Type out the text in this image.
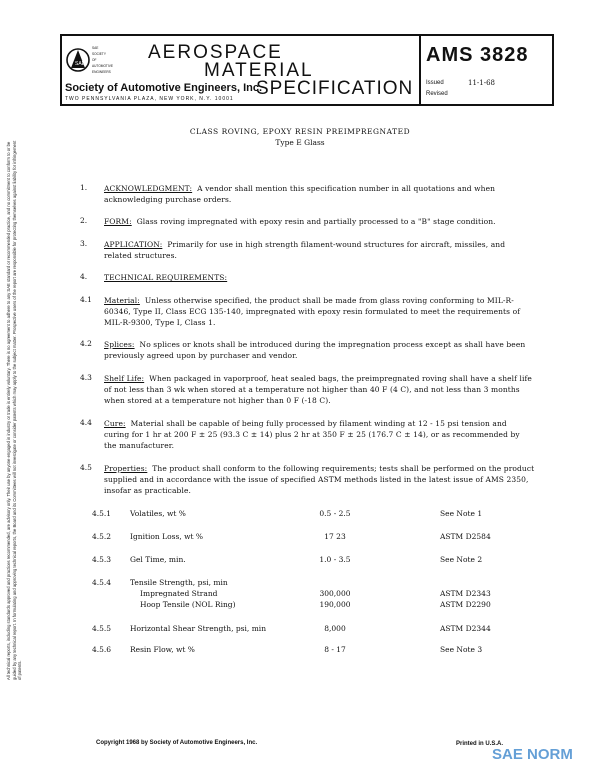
SAE
SAE
SOCIETY
OF
AUTOMOTIVE
ENGINEERS
AEROSPACE
MATERIAL
SPECIFICATION
Society of Automotive Engineers, Inc.
TWO PENNSYLVANIA PLAZA, NEW YORK, N.Y. 10001
AMS 3828
Issued	11-1-68
Revised
CLASS ROVING, EPOXY RESIN PREIMPREGNATED
Type E Glass
1. ACKNOWLEDGMENT: A vendor shall mention this specification number in all quotations and when acknowledging purchase orders.
2. FORM: Glass roving impregnated with epoxy resin and partially processed to a "B" stage condition.
3. APPLICATION: Primarily for use in high strength filament-wound structures for aircraft, missiles, and related structures.
4. TECHNICAL REQUIREMENTS:
4.1 Material: Unless otherwise specified, the product shall be made from glass roving conforming to MIL-R-60346, Type II, Class ECG 135-140, impregnated with epoxy resin formulated to meet the requirements of MIL-R-9300, Type I, Class 1.
4.2 Splices: No splices or knots shall be introduced during the impregnation process except as shall have been previously agreed upon by purchaser and vendor.
4.3 Shelf Life: When packaged in vaporproof, heat sealed bags, the preimpregnated roving shall have a shelf life of not less than 3 wk when stored at a temperature not higher than 40 F (4 C), and not less than 3 months when stored at a temperature not higher than 0 F (-18 C).
4.4 Cure: Material shall be capable of being fully processed by filament winding at 12 - 15 psi tension and curing for 1 hr at 200 F ± 25 (93.3 C ± 14) plus 2 hr at 350 F ± 25 (176.7 C ± 14), or as recommended by the manufacturer.
4.5 Properties: The product shall conform to the following requirements; tests shall be performed on the product supplied and in accordance with the issue of specified ASTM methods listed in the latest issue of AMS 2350, insofar as practicable.
4.5.1	Volatiles, wt %	0.5 - 2.5	See Note 1
4.5.2	Ignition Loss, wt %	17 23	ASTM D2584
4.5.3	Gel Time, min.	1.0 - 3.5	See Note 2
4.5.4	Tensile Strength, psi, min
Impregnated Strand	300,000	ASTM D2343
Hoop Tensile (NOL Ring)	190,000	ASTM D2290
4.5.5	Horizontal Shear Strength, psi, min	8,000	ASTM D2344
4.5.6	Resin Flow, wt %	8 - 17	See Note 3
All technical reports, including standards approved and practices recommended, are advisory only. Their use by anyone engaged in industry or trade is entirely voluntary. There is no agreement to adhere to any SAE standard or recommended practice, and no commitment to conform to or be guided by any technical report. In formulating and approving technical reports, the Board and its Committees will not investigate or consider patents which may apply to the subject matter. Prospective users of the report are responsible for protecting themselves against liability for infringement of patents.
Copyright 1968 by Society of Automotive Engineers, Inc.	Printed in U.S.A.
SAE NORM
